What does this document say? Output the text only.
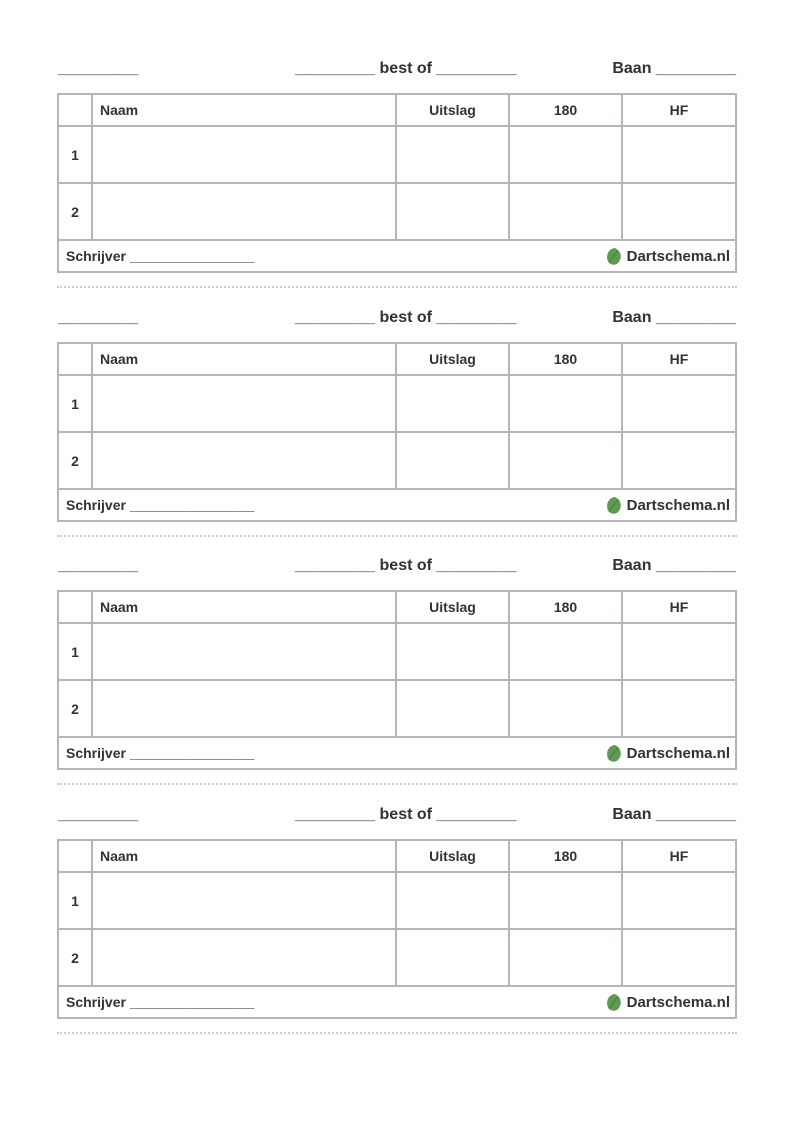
_________	_________ best of _________	Baan _________
Naam	Uitslag	180	HF
1
2
Schrijver ________________	Dartschema.nl
_________	_________ best of _________	Baan _________
Naam	Uitslag	180	HF
1
2
Schrijver ________________	Dartschema.nl
_________	_________ best of _________	Baan _________
Naam	Uitslag	180	HF
1
2
Schrijver ________________	Dartschema.nl
_________	_________ best of _________	Baan _________
Naam	Uitslag	180	HF
1
2
Schrijver ________________	Dartschema.nl
